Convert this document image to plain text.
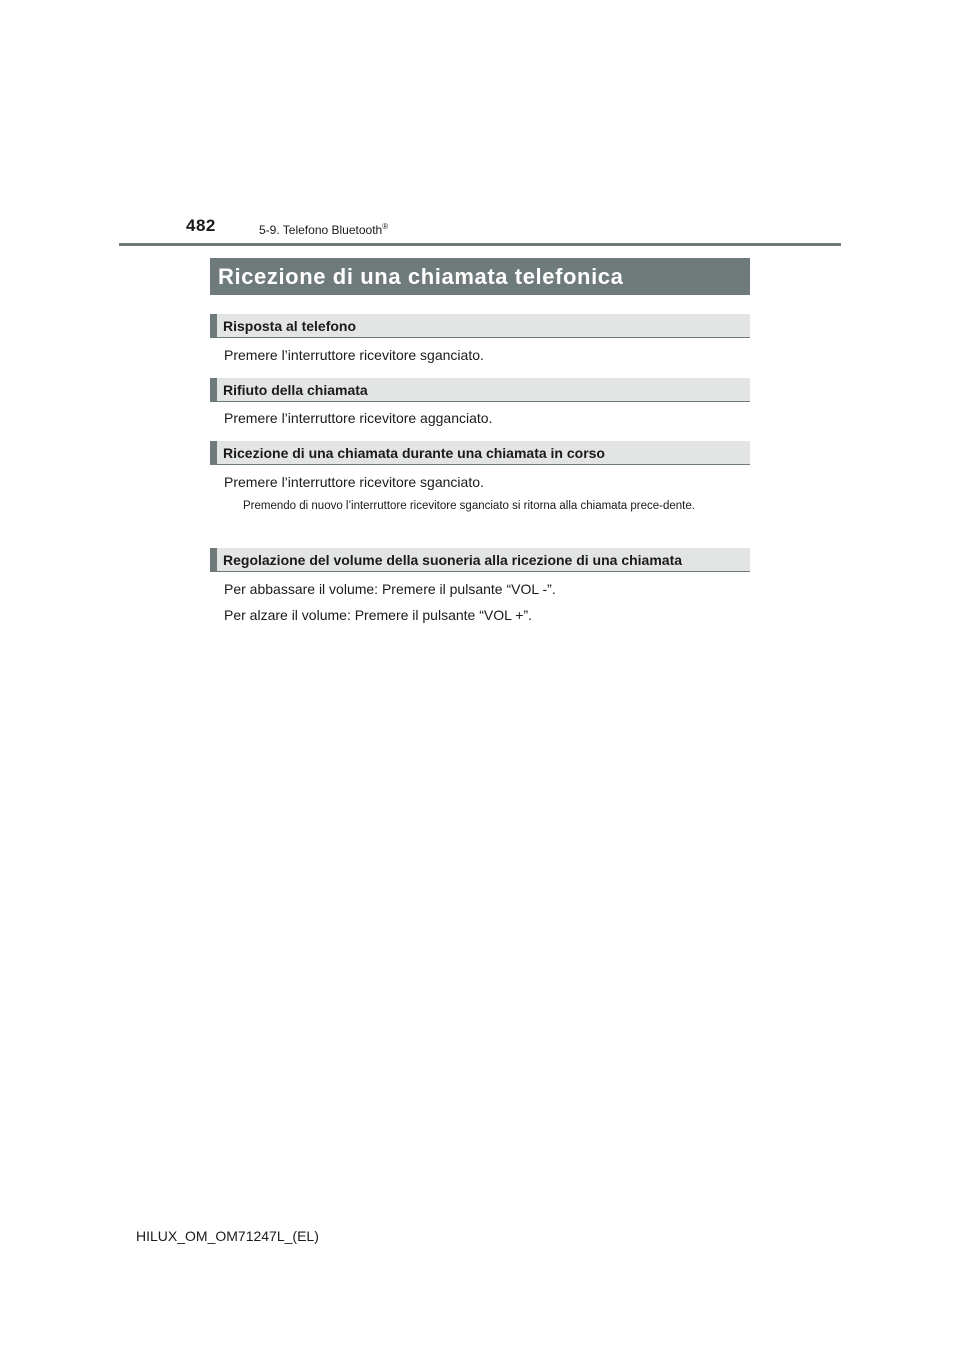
482	5-9. Telefono Bluetooth®
Ricezione di una chiamata telefonica
Risposta al telefono
Premere l’interruttore ricevitore sganciato.
Rifiuto della chiamata
Premere l’interruttore ricevitore agganciato.
Ricezione di una chiamata durante una chiamata in corso
Premere l’interruttore ricevitore sganciato.
Premendo di nuovo l’interruttore ricevitore sganciato si ritorna alla chiamata prece-dente.
Regolazione del volume della suoneria alla ricezione di una chiamata
Per abbassare il volume: Premere il pulsante “VOL -”.
Per alzare il volume: Premere il pulsante “VOL +”.
HILUX_OM_OM71247L_(EL)
